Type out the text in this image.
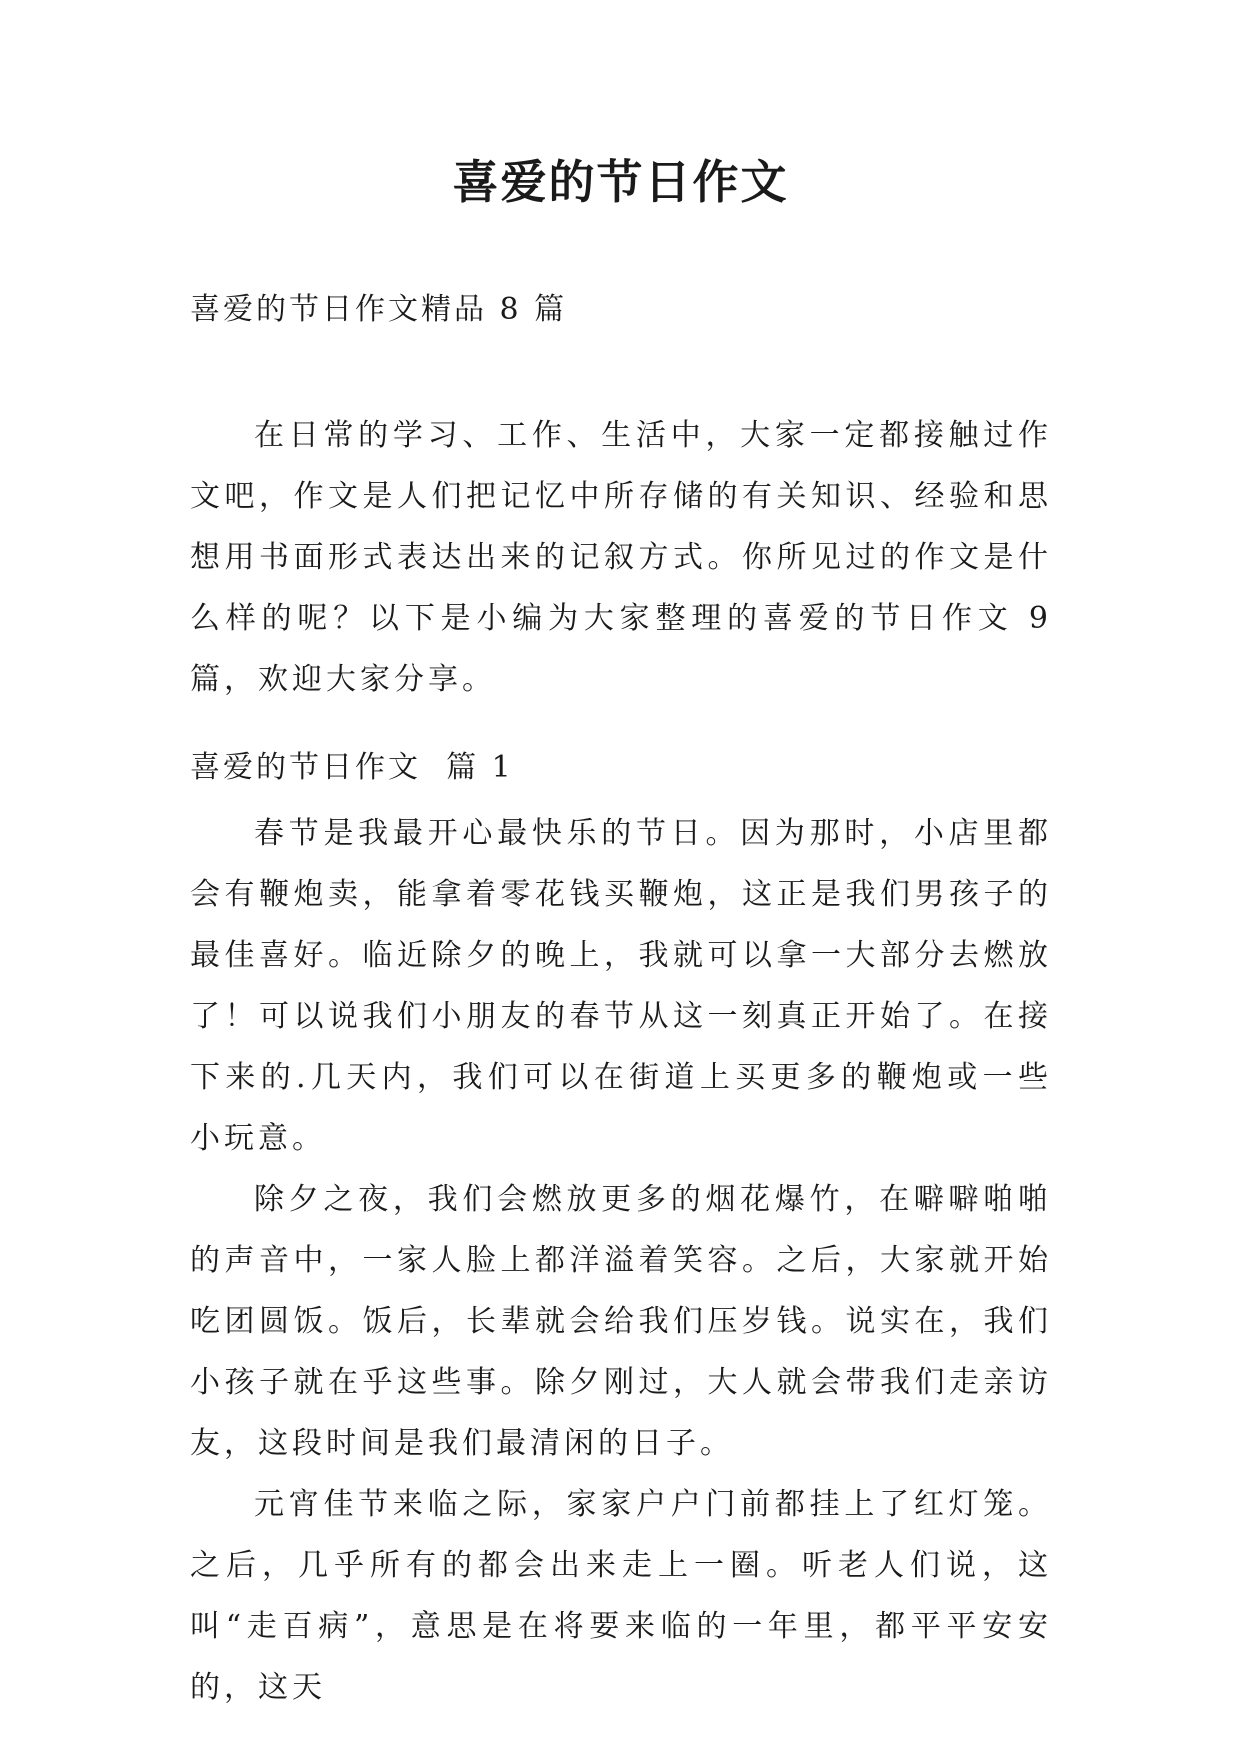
喜爱的节日作文

喜爱的节日作文精品 8 篇

在日常的学习、工作、生活中，大家一定都接触过作文吧，作文是人们把记忆中所存储的有关知识、经验和思想用书面形式表达出来的记叙方式。你所见过的作文是什么样的呢？以下是小编为大家整理的喜爱的节日作文 9 篇，欢迎大家分享。

喜爱的节日作文  篇 1

春节是我最开心最快乐的节日。因为那时，小店里都会有鞭炮卖，能拿着零花钱买鞭炮，这正是我们男孩子的最佳喜好。临近除夕的晚上，我就可以拿一大部分去燃放了！可以说我们小朋友的春节从这一刻真正开始了。在接下来的.几天内，我们可以在街道上买更多的鞭炮或一些小玩意。

除夕之夜，我们会燃放更多的烟花爆竹，在噼噼啪啪的声音中，一家人脸上都洋溢着笑容。之后，大家就开始吃团圆饭。饭后，长辈就会给我们压岁钱。说实在，我们小孩子就在乎这些事。除夕刚过，大人就会带我们走亲访友，这段时间是我们最清闲的日子。

元宵佳节来临之际，家家户户门前都挂上了红灯笼。之后，几乎所有的都会出来走上一圈。听老人们说，这叫“走百病”，意思是在将要来临的一年里，都平平安安的，这天
